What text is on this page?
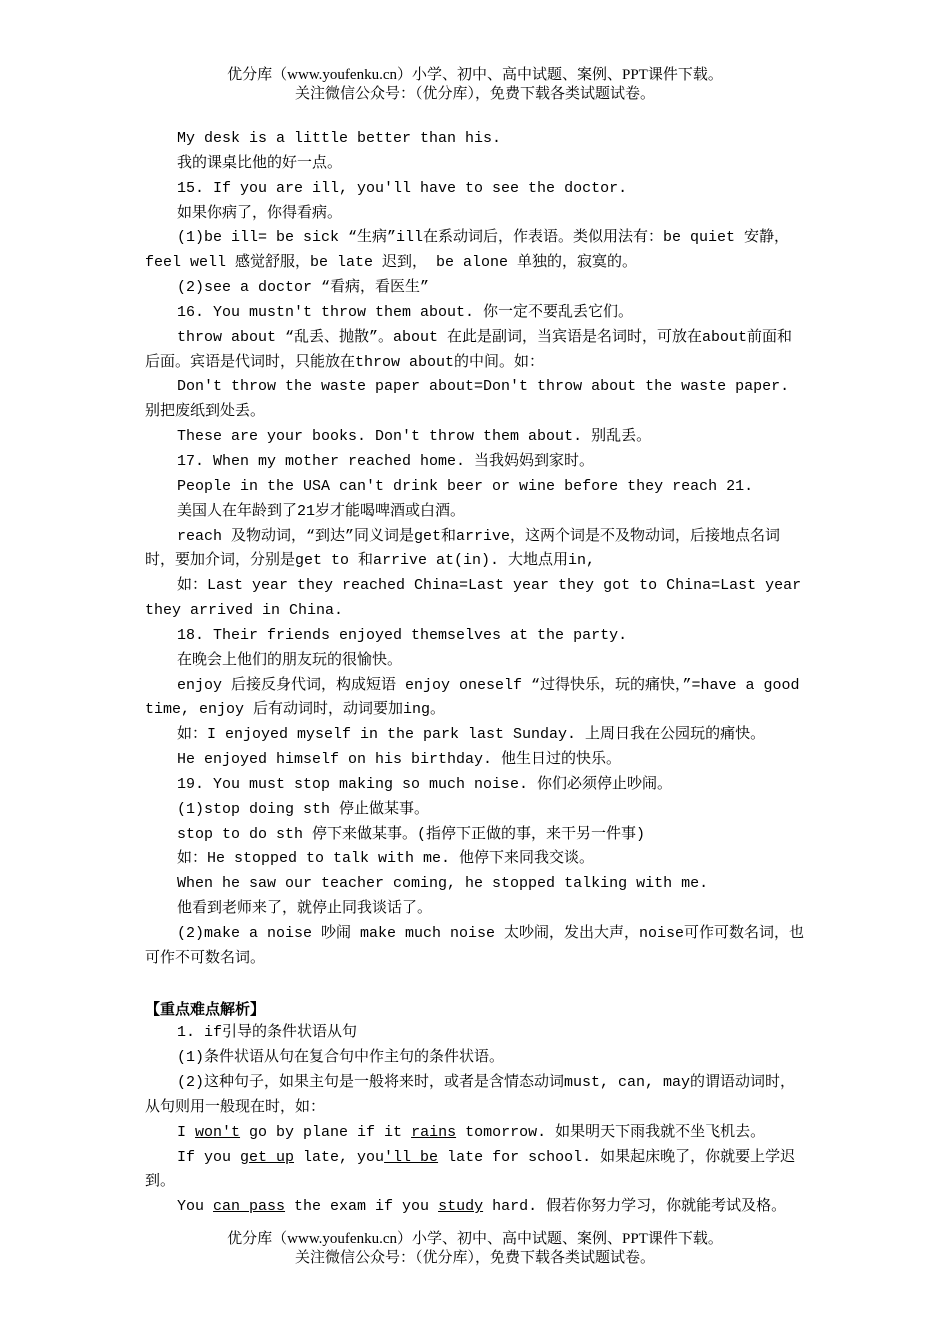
优分库（www.youfenku.cn）小学、初中、高中试题、案例、PPT课件下载。
关注微信公众号：（优分库），免费下载各类试题试卷。
My desk is a little better than his.
我的课桌比他的好一点。
15. If you are ill, you'll have to see the doctor.
如果你病了，你得看病。
(1)be ill= be sick “生病”ill在系动词后，作表语。类似用法有：be quiet 安静，feel well 感觉舒服，be late 迟到， be alone 单独的，寂寞的。
(2)see a doctor “看病，看医生”
16. You mustn't throw them about. 你一定不要乱丢它们。
throw about “乱丢、抛散”。about 在此是副词，当宾语是名词时，可放在about前面和后面。宾语是代词时，只能放在throw about的中间。如：
Don't throw the waste paper about=Don't throw about the waste paper. 别把废纸到处丢。
These are your books. Don't throw them about. 别乱丢。
17. When my mother reached home. 当我妈妈到家时。
People in the USA can't drink beer or wine before they reach 21.
美国人在年龄到了21岁才能喝啤酒或白酒。
reach 及物动词，“到达”同义词是get和arrive，这两个词是不及物动词，后接地点名词时，要加介词，分别是get to 和arrive at(in). 大地点用in,
如：Last year they reached China=Last year they got to China=Last year they arrived in China.
18. Their friends enjoyed themselves at the party.
在晚会上他们的朋友玩的很愉快。
enjoy 后接反身代词，构成短语 enjoy oneself “过得快乐，玩的痛快，”=have a good time, enjoy 后有动词时，动词要加ing。
如：I enjoyed myself in the park last Sunday. 上周日我在公园玩的痛快。
He enjoyed himself on his birthday. 他生日过的快乐。
19. You must stop making so much noise. 你们必须停止吵闹。
(1)stop doing sth 停止做某事。
stop to do sth 停下来做某事。(指停下正做的事，来干另一件事)
如：He stopped to talk with me. 他停下来同我交谈。
When he saw our teacher coming, he stopped talking with me.
他看到老师来了，就停止同我谈话了。
(2)make a noise 吵闹 make much noise 太吵闹，发出大声，noise可作可数名词，也可作不可数名词。
【重点难点解析】
1. if引导的条件状语从句
(1)条件状语从句在复合句中作主句的条件状语。
(2)这种句子，如果主句是一般将来时，或者是含情态动词must, can, may的谓语动词时，从句则用一般现在时，如：
I won't go by plane if it rains tomorrow. 如果明天下雨我就不坐飞机去。
If you get up late, you'll be late for school. 如果起床晚了，你就要上学迟到。
You can pass the exam if you study hard. 假若你努力学习，你就能考试及格。
优分库（www.youfenku.cn）小学、初中、高中试题、案例、PPT课件下载。
关注微信公众号：（优分库），免费下载各类试题试卷。
